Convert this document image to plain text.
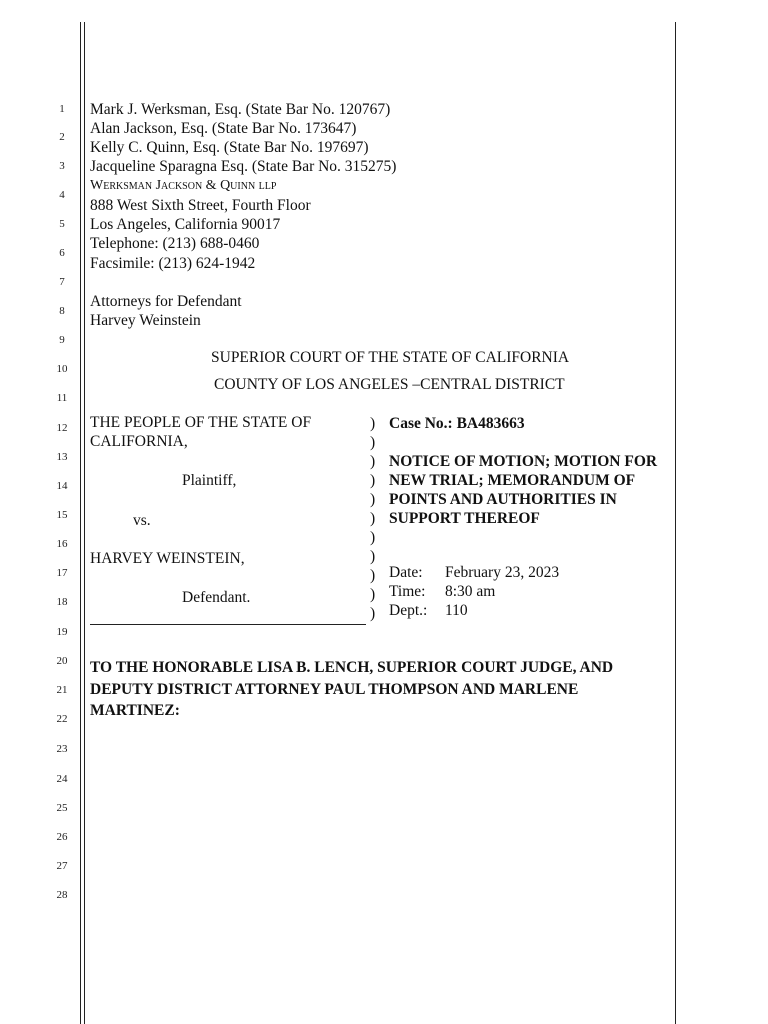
1
2
3
4
5
6
7
8
9
10
11
12
13
14
15
16
17
18
19
20
21
22
23
24
25
26
27
28
Mark J. Werksman, Esq. (State Bar No. 120767)
Alan Jackson, Esq. (State Bar No. 173647)
Kelly C. Quinn, Esq. (State Bar No. 197697)
Jacqueline Sparagna Esq. (State Bar No. 315275)
Werksman Jackson & Quinn llp
888 West Sixth Street, Fourth Floor
Los Angeles, California 90017
Telephone: (213) 688-0460
Facsimile: (213) 624-1942
Attorneys for Defendant
Harvey Weinstein
SUPERIOR COURT OF THE STATE OF CALIFORNIA
COUNTY OF LOS ANGELES –CENTRAL DISTRICT
THE PEOPLE OF THE STATE OF
CALIFORNIA,
Plaintiff,
vs.
HARVEY WEINSTEIN,
Defendant.
)
)
)
)
)
)
)
)
)
)
)
Case No.: BA483663
NOTICE OF MOTION; MOTION FOR
NEW TRIAL; MEMORANDUM OF
POINTS AND AUTHORITIES IN
SUPPORT THEREOF
Date: February 23, 2023
Time: 8:30 am
Dept.: 110
TO THE HONORABLE LISA B. LENCH, SUPERIOR COURT JUDGE, AND
DEPUTY DISTRICT ATTORNEY PAUL THOMPSON AND MARLENE
MARTINEZ:
